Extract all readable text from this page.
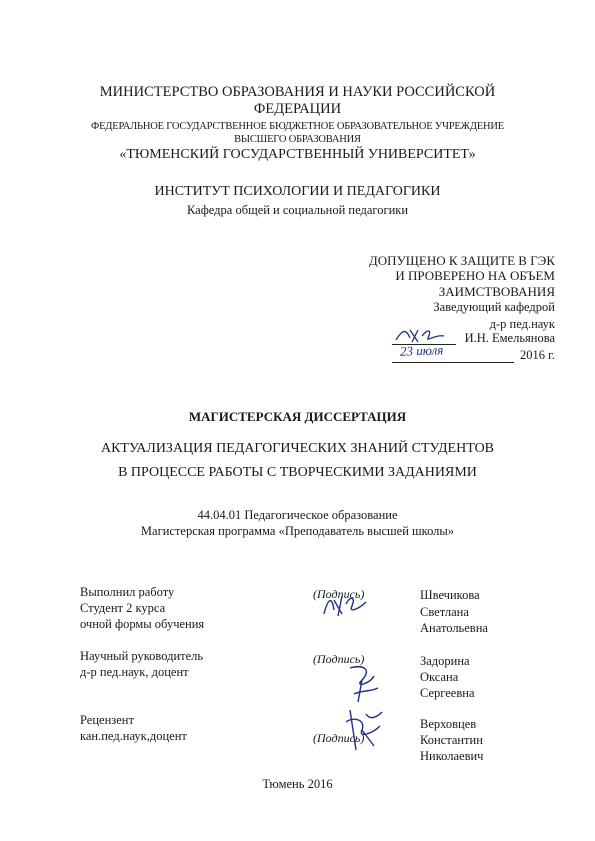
МИНИСТЕРСТВО ОБРАЗОВАНИЯ И НАУКИ РОССИЙСКОЙ
ФЕДЕРАЦИИ
ФЕДЕРАЛЬНОЕ ГОСУДАРСТВЕННОЕ БЮДЖЕТНОЕ ОБРАЗОВАТЕЛЬНОЕ УЧРЕЖДЕНИЕ
ВЫСШЕГО ОБРАЗОВАНИЯ
«ТЮМЕНСКИЙ ГОСУДАРСТВЕННЫЙ УНИВЕРСИТЕТ»
ИНСТИТУТ ПСИХОЛОГИИ И ПЕДАГОГИКИ
Кафедра общей и социальной педагогики
ДОПУЩЕНО К ЗАЩИТЕ В ГЭК
И ПРОВЕРЕНО НА ОБЪЕМ
ЗАИМСТВОВАНИЯ
Заведующий кафедрой
д-р пед.наук
И.Н. Емельянова
23 июля	2016 г.
МАГИСТЕРСКАЯ ДИССЕРТАЦИЯ
АКТУАЛИЗАЦИЯ ПЕДАГОГИЧЕСКИХ ЗНАНИЙ СТУДЕНТОВ
В ПРОЦЕССЕ РАБОТЫ С ТВОРЧЕСКИМИ ЗАДАНИЯМИ
44.04.01 Педагогическое образование
Магистерская программа «Преподаватель высшей школы»
Выполнил работу
Студент 2 курса
очной формы обучения
(Подпись)	Швечикова
Светлана
Анатольевна
Научный руководитель
д-р пед.наук, доцент
(Подпись)	Задорина
Оксана
Сергеевна
Рецензент
кан.пед.наук,доцент	(Подпись)
Верховцев
Константин
Николаевич
Тюмень 2016
